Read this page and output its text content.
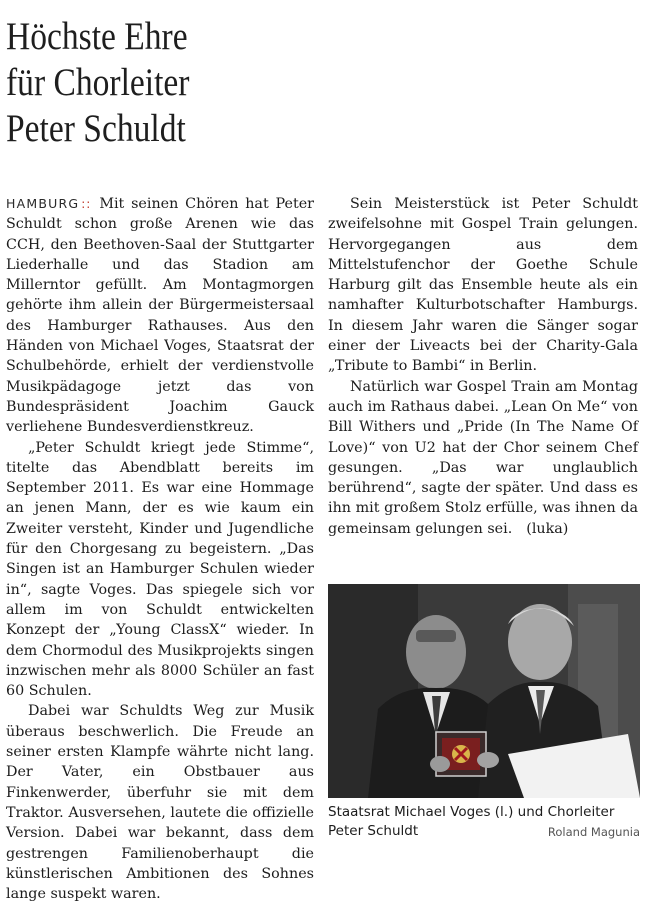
Höchste Ehre
für Chorleiter
Peter Schuldt

HAMBURG :: Mit seinen Chören hat Peter Schuldt schon große Arenen wie das CCH, den Beethoven-Saal der Stuttgarter Liederhalle und das Stadion am Millerntor gefüllt. Am Montagmorgen gehörte ihm allein der Bürgermeistersaal des Hamburger Rathauses. Aus den Händen von Michael Voges, Staatsrat der Schulbehörde, erhielt der verdienstvolle Musikpädagoge jetzt das von Bundespräsident Joachim Gauck verliehene Bundesverdienstkreuz.

„Peter Schuldt kriegt jede Stimme“, titelte das Abendblatt bereits im September 2011. Es war eine Hommage an jenen Mann, der es wie kaum ein Zweiter versteht, Kinder und Jugendliche für den Chorgesang zu begeistern. „Das Singen ist an Hamburger Schulen wieder in“, sagte Voges. Das spiegele sich vor allem im von Schuldt entwickelten Konzept der „Young ClassX“ wieder. In dem Chormodul des Musikprojekts singen inzwischen mehr als 8000 Schüler an fast 60 Schulen.

Dabei war Schuldts Weg zur Musik überaus beschwerlich. Die Freude an seiner ersten Klampfe währte nicht lang. Der Vater, ein Obstbauer aus Finkenwerder, überfuhr sie mit dem Traktor. Ausversehen, lautete die offizielle Version. Dabei war bekannt, dass dem gestrengen Familienoberhaupt die künstlerischen Ambitionen des Sohnes lange suspekt waren.

Sein Meisterstück ist Peter Schuldt zweifelsohne mit Gospel Train gelungen. Hervorgegangen aus dem Mittelstufenchor der Goethe Schule Harburg gilt das Ensemble heute als ein namhafter Kulturbotschafter Hamburgs. In diesem Jahr waren die Sänger sogar einer der Liveacts bei der Charity-Gala „Tribute to Bambi“ in Berlin.

Natürlich war Gospel Train am Montag auch im Rathaus dabei. „Lean On Me“ von Bill Withers und „Pride (In The Name Of Love)“ von U2 hat der Chor seinem Chef gesungen. „Das war unglaublich berührend“, sagte der später. Und dass es ihn mit großem Stolz erfülle, was ihnen da gemeinsam gelungen sei. (luka)

Staatsrat Michael Voges (l.) und Chorleiter Peter Schuldt	Roland Magunia
